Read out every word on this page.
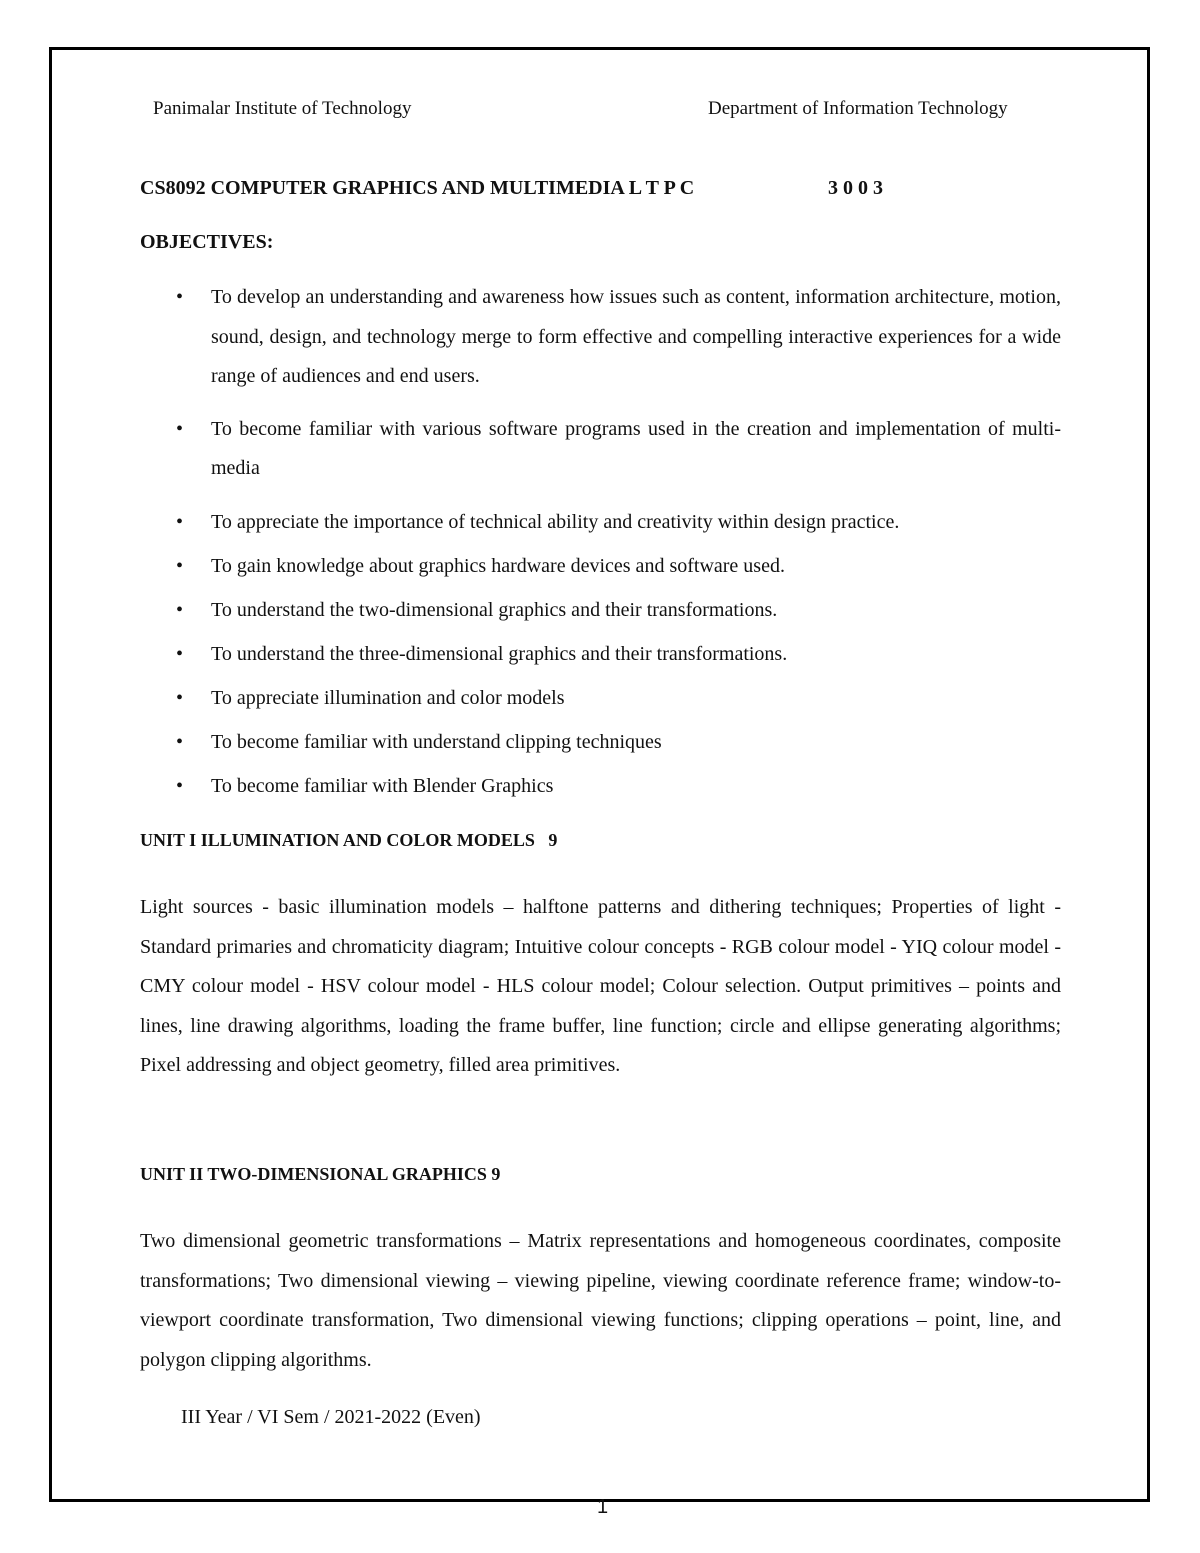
Panimalar Institute of Technology	Department of Information Technology
CS8092 COMPUTER GRAPHICS AND MULTIMEDIA L T P C	3 0 0 3
OBJECTIVES:
• To develop an understanding and awareness how issues such as content, information architecture, motion, sound, design, and technology merge to form effective and compelling interactive experiences for a wide range of audiences and end users.
• To become familiar with various software programs used in the creation and implementation of multi- media
• To appreciate the importance of technical ability and creativity within design practice.
• To gain knowledge about graphics hardware devices and software used.
• To understand the two-dimensional graphics and their transformations.
• To understand the three-dimensional graphics and their transformations.
• To appreciate illumination and color models
• To become familiar with understand clipping techniques
• To become familiar with Blender Graphics
UNIT I ILLUMINATION AND COLOR MODELS   9

Light sources - basic illumination models – halftone patterns and dithering techniques; Properties of light - Standard primaries and chromaticity diagram; Intuitive colour concepts - RGB colour model - YIQ colour model - CMY colour model - HSV colour model - HLS colour model; Colour selection. Output primitives – points and lines, line drawing algorithms, loading the frame buffer, line function; circle and ellipse generating algorithms; Pixel addressing and object geometry, filled area primitives.

UNIT II TWO-DIMENSIONAL GRAPHICS 9

Two dimensional geometric transformations – Matrix representations and homogeneous coordinates, composite transformations; Two dimensional viewing – viewing pipeline, viewing coordinate reference frame; window-to-viewport coordinate transformation, Two dimensional viewing functions; clipping operations – point, line, and polygon clipping algorithms.

III Year / VI Sem / 2021-2022 (Even)
1
